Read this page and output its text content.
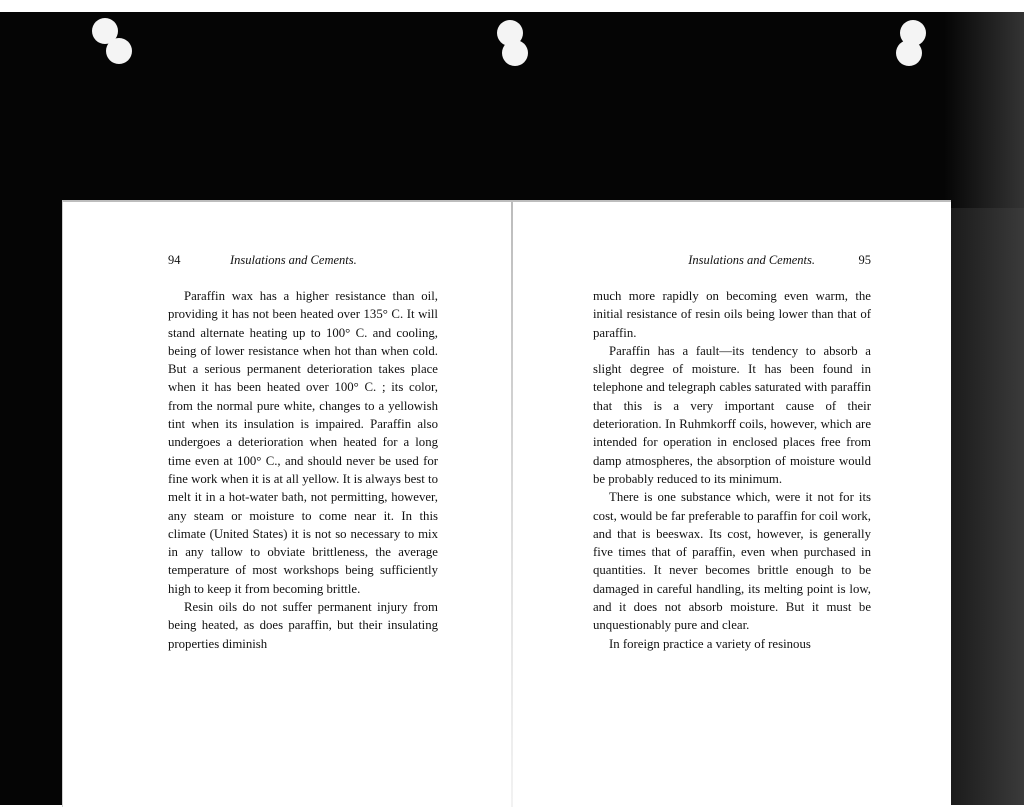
94	Insulations and Cements.

Paraffin wax has a higher resistance than oil, providing it has not been heated over 135° C. It will stand alternate heating up to 100° C. and cooling, being of lower resistance when hot than when cold. But a serious permanent deterioration takes place when it has been heated over 100° C. ; its color, from the normal pure white, changes to a yellowish tint when its insulation is impaired. Paraffin also undergoes a deterioration when heated for a long time even at 100° C., and should never be used for fine work when it is at all yellow. It is always best to melt it in a hot-water bath, not permitting, however, any steam or moisture to come near it. In this climate (United States) it is not so necessary to mix in any tallow to obviate brittleness, the average temperature of most workshops being sufficiently high to keep it from becoming brittle.

Resin oils do not suffer permanent injury from being heated, as does paraffin, but their insulating properties diminish

Insulations and Cements.	95

much more rapidly on becoming even warm, the initial resistance of resin oils being lower than that of paraffin.

Paraffin has a fault—its tendency to absorb a slight degree of moisture. It has been found in telephone and telegraph cables saturated with paraffin that this is a very important cause of their deterioration. In Ruhmkorff coils, however, which are intended for operation in enclosed places free from damp atmospheres, the absorption of moisture would be probably reduced to its minimum.

There is one substance which, were it not for its cost, would be far preferable to paraffin for coil work, and that is beeswax. Its cost, however, is generally five times that of paraffin, even when purchased in quantities. It never becomes brittle enough to be damaged in careful handling, its melting point is low, and it does not absorb moisture. But it must be unquestionably pure and clear.

In foreign practice a variety of resinous
